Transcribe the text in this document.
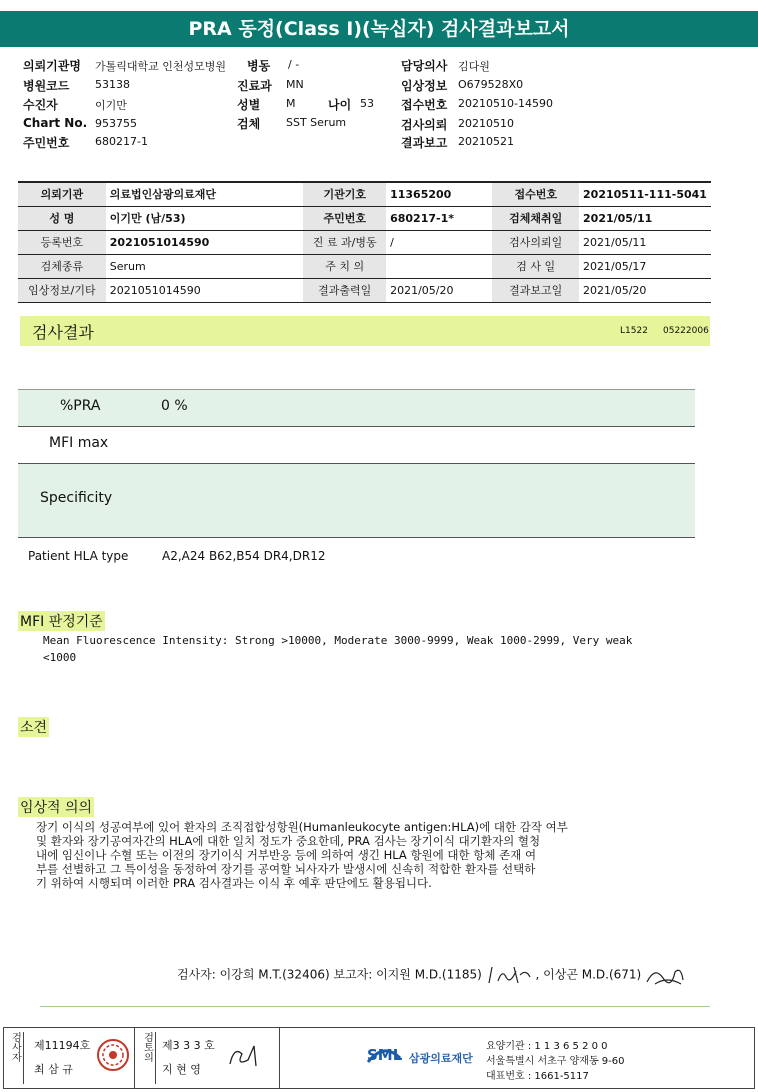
PRA 동정(Class I)(녹십자) 검사결과보고서
의뢰기관명 가톨릭대학교 인천성모병원 병동 / -	담당의사 김다원
병원코드 53138	진료과 MN	임상정보 O679528X0
수진자	이기만	성별 M	나이 53 접수번호 20210510-14590
Chart No. 953755	검체 SST Serum	검사의뢰 20210510
주민번호 680217-1	결과보고 20210521
의뢰기관	의료법인삼광의료재단	기관기호	11365200	접수번호	20210511-111-5041
성 명	이기만 (남/53)	주민번호	680217-1*	검체채취일	2021/05/11
등록번호	2021051014590	진 료 과/병동	/	검사의뢰일	2021/05/11
검체종류	Serum	주 치 의		검 사 일	2021/05/17
임상정보/기타	2021051014590	결과출력일	2021/05/20	결과보고일	2021/05/20
검사결과	L1522 05222006
%PRA	0 %
MFI max
Specificity
Patient HLA type	A2,A24 B62,B54 DR4,DR12
MFI 판정기준
Mean Fluorescence Intensity: Strong >10000, Moderate 3000-9999, Weak 1000-2999, Very weak
<1000
소견
임상적 의의
장기 이식의 성공여부에 있어 환자의 조직접합성항원(Humanleukocyte antigen:HLA)에 대한 감작 여부
및 환자와 장기공여자간의 HLA에 대한 일치 정도가 중요한데, PRA 검사는 장기이식 대기환자의 혈청
내에 임신이나 수혈 또는 이전의 장기이식 거부반응 등에 의하여 생긴 HLA 항원에 대한 항체 존재 여
부를 선별하고 그 특이성을 동정하여 장기를 공여할 뇌사자가 발생시에 신속히 적합한 환자를 선택하
기 위하여 시행되며 이러한 PRA 검사결과는 이식 후 예후 판단에도 활용됩니다.
검사자: 이강희 M.T.(32406) 보고자: 이지원 M.D.(1185)	, 이상곤 M.D.(671)
검사자	제11194호
최 삼 규
검토의 제3 3 3 호
지 현 영
SML 삼광의료재단
요양기관 : 1 1 3 6 5 2 0 0
서울특별시 서초구 양재동 9-60
대표번호 : 1661-5117
